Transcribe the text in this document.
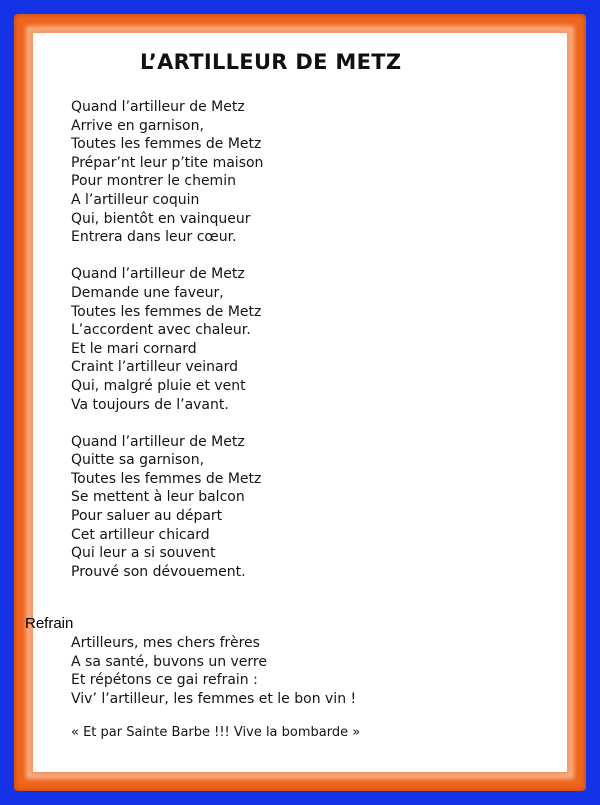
L’ARTILLEUR DE METZ
Quand l’artilleur de Metz
Arrive en garnison,
Toutes les femmes de Metz
Prépar’nt leur p’tite maison
Pour montrer le chemin
A l’artilleur coquin
Qui, bientôt en vainqueur
Entrera dans leur cœur.
Quand l’artilleur de Metz
Demande une faveur,
Toutes les femmes de Metz
L’accordent avec chaleur.
Et le mari cornard
Craint l’artilleur veinard
Qui, malgré pluie et vent
Va toujours de l’avant.
Quand l’artilleur de Metz
Quitte sa garnison,
Toutes les femmes de Metz
Se mettent à leur balcon
Pour saluer au départ
Cet artilleur chicard
Qui leur a si souvent
Prouvé son dévouement.
Refrain
Artilleurs, mes chers frères
A sa santé, buvons un verre
Et répétons ce gai refrain :
Viv’ l’artilleur, les femmes et le bon vin !
« Et par Sainte Barbe !!! Vive la bombarde »
